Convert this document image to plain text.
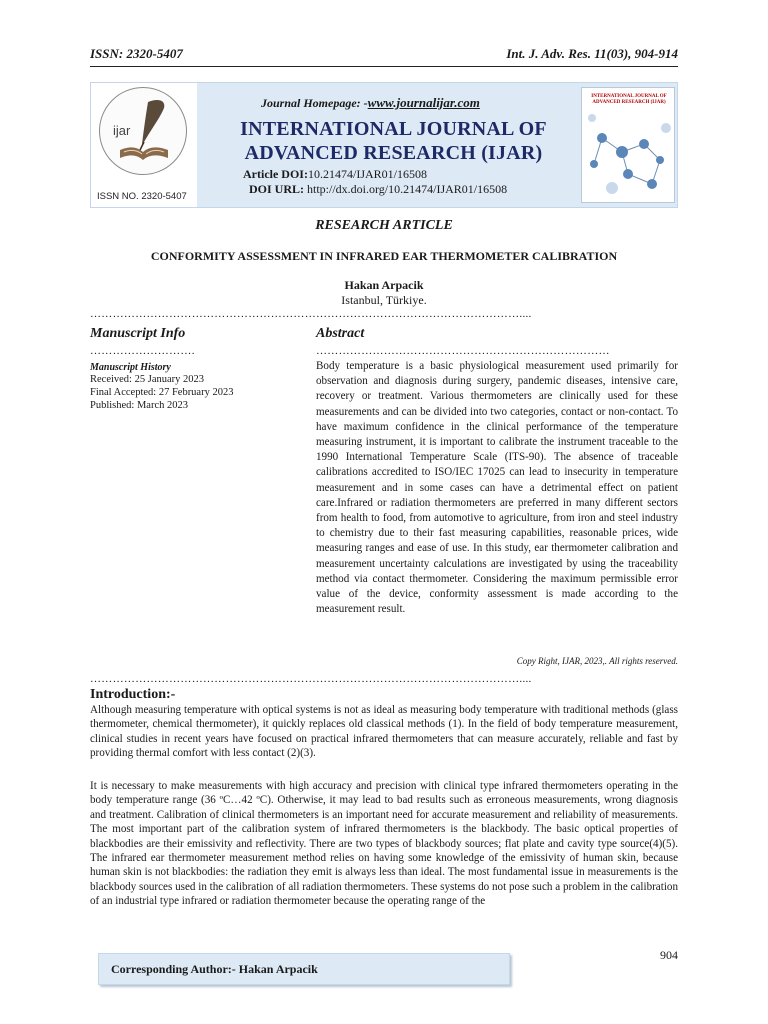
ISSN: 2320-5407	Int. J. Adv. Res. 11(03), 904-914
ijar
ISSN NO. 2320-5407
Journal Homepage: -www.journalijar.com
INTERNATIONAL JOURNAL OF
ADVANCED RESEARCH (IJAR)
Article DOI:10.21474/IJAR01/16508
DOI URL: http://dx.doi.org/10.21474/IJAR01/16508
INTERNATIONAL JOURNAL OF ADVANCED RESEARCH (IJAR)
RESEARCH ARTICLE
CONFORMITY ASSESSMENT IN INFRARED EAR THERMOMETER CALIBRATION
Hakan Arpacik
Istanbul, Türkiye.
……………………………………………………………………………………………………....
Manuscript Info
……………………….
Manuscript History
Received: 25 January 2023
Final Accepted: 27 February 2023
Published: March 2023
Abstract
……………………………………………………………………
Body temperature is a basic physiological measurement used primarily for observation and diagnosis during surgery, pandemic diseases, intensive care, recovery or treatment. Various thermometers are clinically used for these measurements and can be divided into two categories, contact or non-contact. To have maximum confidence in the clinical performance of the temperature measuring instrument, it is important to calibrate the instrument traceable to the 1990 International Temperature Scale (ITS-90). The absence of traceable calibrations accredited to ISO/IEC 17025 can lead to insecurity in temperature measurement and in some cases can have a detrimental effect on patient care.Infrared or radiation thermometers are preferred in many different sectors from health to food, from automotive to agriculture, from iron and steel industry to chemistry due to their fast measuring capabilities, reasonable prices, wide measuring ranges and ease of use. In this study, ear thermometer calibration and measurement uncertainty calculations are investigated by using the traceability method via contact thermometer. Considering the maximum permissible error value of the device, conformity assessment is made according to the measurement result.
Copy Right, IJAR, 2023,. All rights reserved.
……………………………………………………………………………………………………....
Introduction:-
Although measuring temperature with optical systems is not as ideal as measuring body temperature with traditional methods (glass thermometer, chemical thermometer), it quickly replaces old classical methods (1). In the field of body temperature measurement, clinical studies in recent years have focused on practical infrared thermometers that can measure accurately, reliable and fast by providing thermal comfort with less contact (2)(3).
It is necessary to make measurements with high accuracy and precision with clinical type infrared thermometers operating in the body temperature range (36 ºC…42 ºC). Otherwise, it may lead to bad results such as erroneous measurements, wrong diagnosis and treatment. Calibration of clinical thermometers is an important need for accurate measurement and reliability of measurements. The most important part of the calibration system of infrared thermometers is the blackbody. The basic optical properties of blackbodies are their emissivity and reflectivity. There are two types of blackbody sources; flat plate and cavity type source(4)(5). The infrared ear thermometer measurement method relies on having some knowledge of the emissivity of human skin, because human skin is not blackbodies: the radiation they emit is always less than ideal. The most fundamental issue in measurements is the blackbody sources used in the calibration of all radiation thermometers. These systems do not pose such a problem in the calibration of an industrial type infrared or radiation thermometer because the operating range of the
904
Corresponding Author:- Hakan Arpacik
